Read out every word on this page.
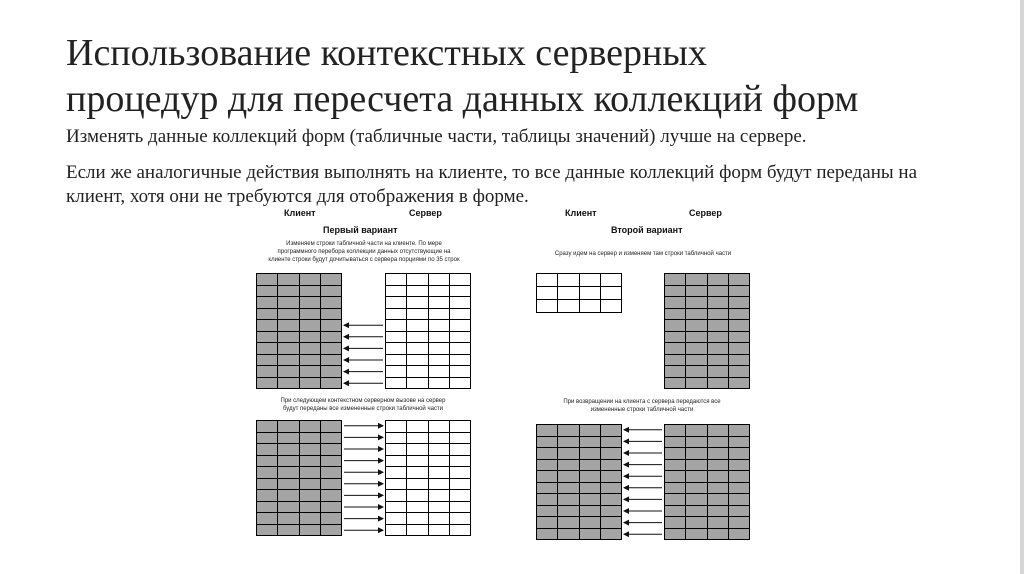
Использование контекстных серверных
процедур для пересчета данных коллекций форм
Изменять данные коллекций форм (табличные части, таблицы значений) лучше на сервере.
Если же аналогичные действия выполнять на клиенте, то все данные коллекций форм будут переданы на клиент, хотя они не требуются для отображения в форме.
Клиент	Сервер
Первый вариант
Изменяем строки табличной части на клиенте. По мере
программного перебора коллекции данных отсутствующие на
клиенте строки будут дочитываться с сервера порциями по 35 строк
При следующем контекстном серверном вызове на сервер
будут переданы все измененные строки табличной части
Клиент	Сервер
Второй вариант
Сразу идем на сервер и изменяем там строки табличной части
При возвращении на клиента с сервера передаются все
измененные строки табличной части
